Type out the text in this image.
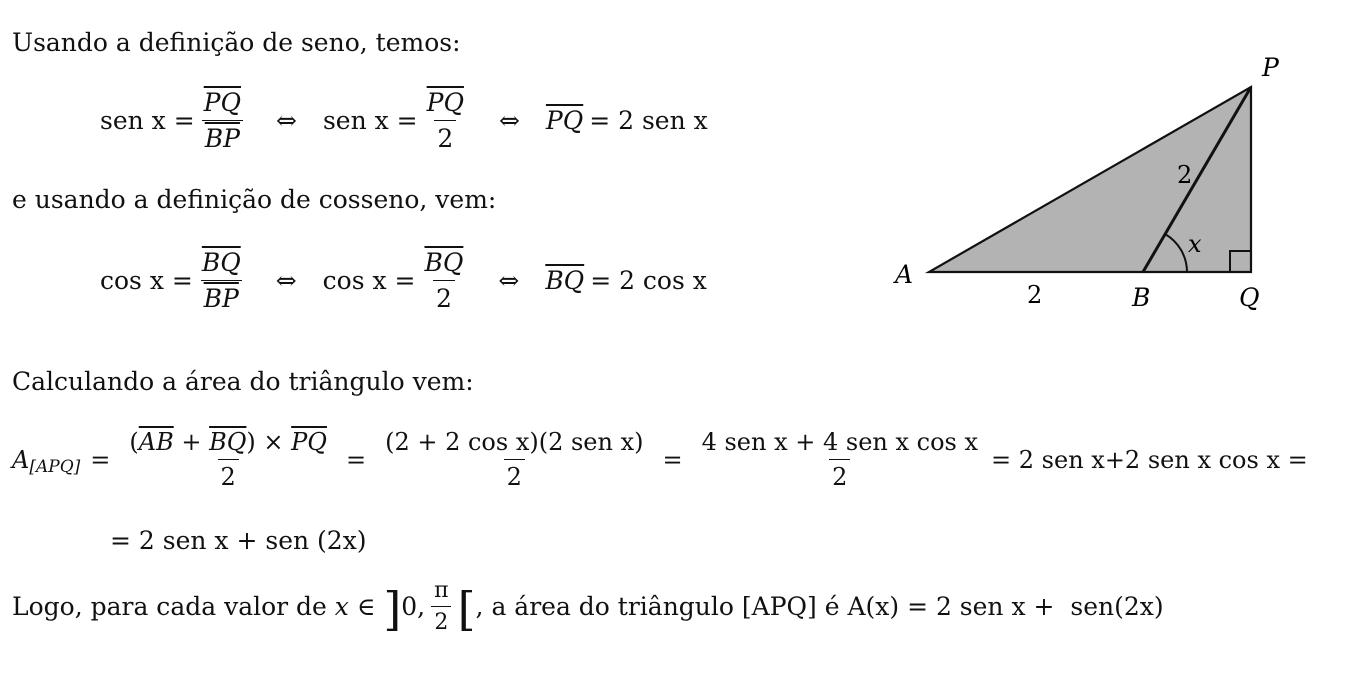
Usando a definição de seno, temos:
e usando a definição de cosseno, vem:
Calculando a área do triângulo vem:
sen $x = \frac{\overline{PQ}}{BP}$ ⇔ sen $x = \frac{\overline{PQ}}{2}$ ⇔ $\overline{PQ} = 2$ sen x
$\cos x = \frac{\overline{BQ}}{BP}$ ⇔ $\cos x = \frac{\overline{BQ}}{2}$ ⇔ $\overline{BQ} = 2$ cos x
A $[APQ] = \frac{(\overline{AB} + \overline{BQ}) \times \overline{PQ}}{2} = \frac{\text{(2 + 2 cos x)(2 sen x)}}{2} = \frac{\text{4 sen x + 4 sen x cos x}}{2} = 2$ sen x+2 sen x cos x =
= 2 sen x + sen (2x)
Logo, para cada valor de x ∈ ] 0, $\frac{\pi}{2}$ [ , a área do triângulo [APQ] é A(x) = 2 sen x +  sen(2x)
P
A
B	Q
2
2
x
